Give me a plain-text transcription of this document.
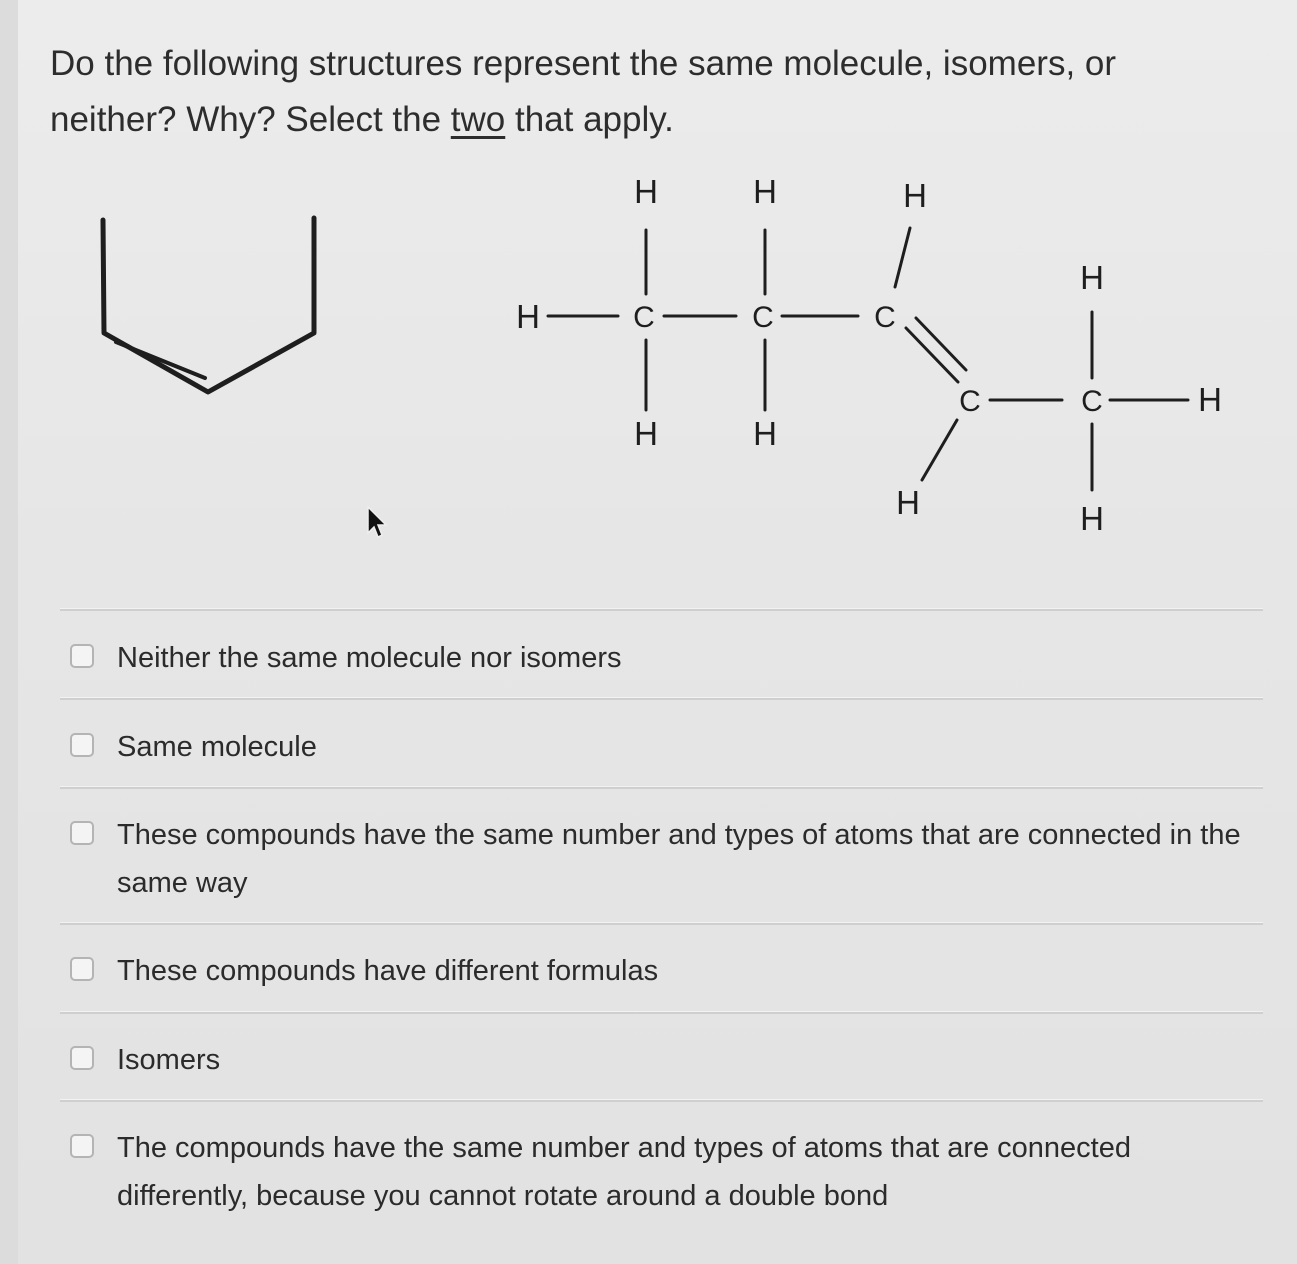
Do the following structures represent the same molecule, isomers, or neither? Why? Select the two that apply.
H	H	H
H	C	C	C
H
C	C	H
H	H
H	H
Neither the same molecule nor isomers
Same molecule
These compounds have the same number and types of atoms that are connected in the same way
These compounds have different formulas
Isomers
The compounds have the same number and types of atoms that are connected differently, because you cannot rotate around a double bond
